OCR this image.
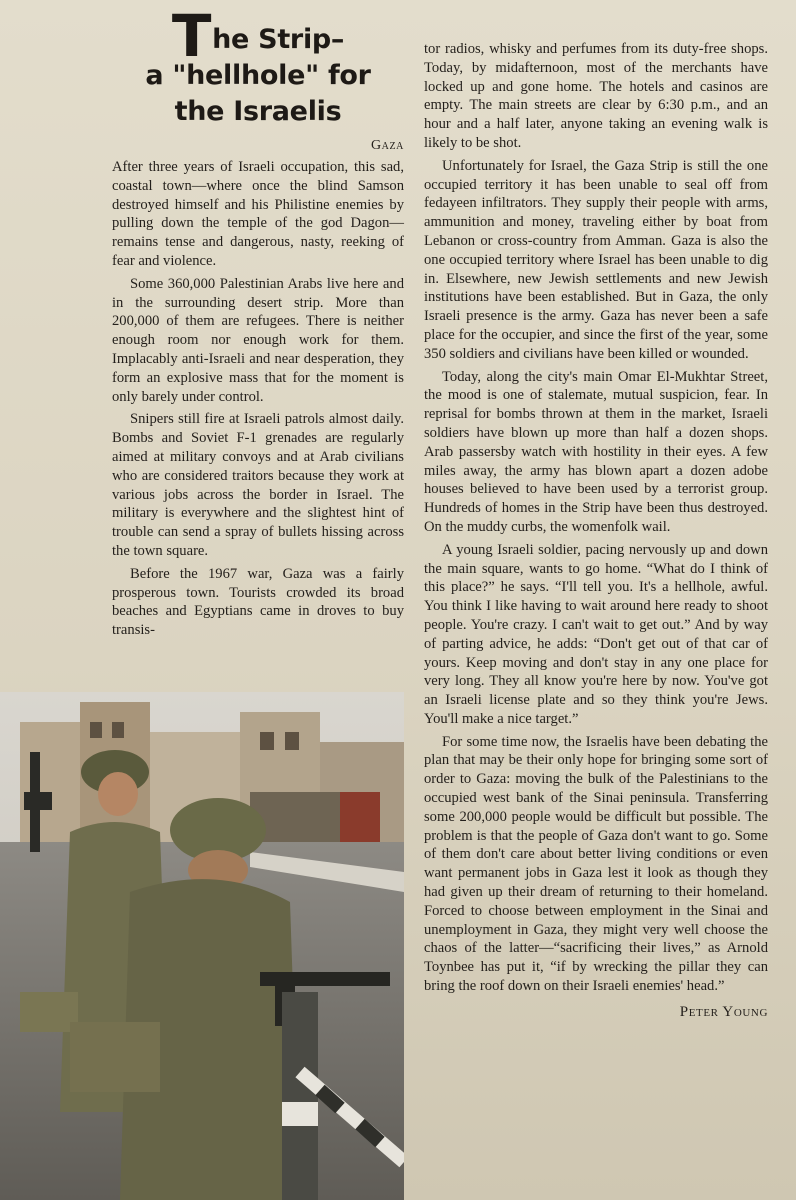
The Strip–
a "hellhole" for
the Israelis
Gaza

After three years of Israeli occupation, this sad, coastal town—where once the blind Samson destroyed himself and his Philistine enemies by pulling down the temple of the god Dagon—remains tense and dangerous, nasty, reeking of fear and violence.

Some 360,000 Palestinian Arabs live here and in the surrounding desert strip. More than 200,000 of them are refugees. There is neither enough room nor enough work for them. Implacably anti-Israeli and near desperation, they form an explosive mass that for the moment is only barely under control.

Snipers still fire at Israeli patrols almost daily. Bombs and Soviet F-1 grenades are regularly aimed at military convoys and at Arab civilians who are considered traitors because they work at various jobs across the border in Israel. The military is everywhere and the slightest hint of trouble can send a spray of bullets hissing across the town square.

Before the 1967 war, Gaza was a fairly prosperous town. Tourists crowded its broad beaches and Egyptians came in droves to buy transis-

tor radios, whisky and perfumes from its duty-free shops. Today, by midafternoon, most of the merchants have locked up and gone home. The hotels and casinos are empty. The main streets are clear by 6:30 p.m., and an hour and a half later, anyone taking an evening walk is likely to be shot.

Unfortunately for Israel, the Gaza Strip is still the one occupied territory it has been unable to seal off from fedayeen infiltrators. They supply their people with arms, ammunition and money, traveling either by boat from Lebanon or cross-country from Amman. Gaza is also the one occupied territory where Israel has been unable to dig in. Elsewhere, new Jewish settlements and new Jewish institutions have been established. But in Gaza, the only Israeli presence is the army. Gaza has never been a safe place for the occupier, and since the first of the year, some 350 soldiers and civilians have been killed or wounded.

Today, along the city's main Omar El-Mukhtar Street, the mood is one of stalemate, mutual suspicion, fear. In reprisal for bombs thrown at them in the market, Israeli soldiers have blown up more than half a dozen shops. Arab passersby watch with hostility in their eyes. A few miles away, the army has blown apart a dozen adobe houses believed to have been used by a terrorist group. Hundreds of homes in the Strip have been thus destroyed. On the muddy curbs, the womenfolk wail.

A young Israeli soldier, pacing nervously up and down the main square, wants to go home. “What do I think of this place?” he says. “I'll tell you. It's a hellhole, awful. You think I like having to wait around here ready to shoot people. You're crazy. I can't wait to get out.” And by way of parting advice, he adds: “Don't get out of that car of yours. Keep moving and don't stay in any one place for very long. They all know you're here by now. You've got an Israeli license plate and so they think you're Jews. You'll make a nice target.”

For some time now, the Israelis have been debating the plan that may be their only hope for bringing some sort of order to Gaza: moving the bulk of the Palestinians to the occupied west bank of the Sinai peninsula. Transferring some 200,000 people would be difficult but possible. The problem is that the people of Gaza don't want to go. Some of them don't care about better living conditions or even want permanent jobs in Gaza lest it look as though they had given up their dream of returning to their homeland. Forced to choose between employment in the Sinai and unemployment in Gaza, they might very well choose the chaos of the latter—“sacrificing their lives,” as Arnold Toynbee has put it, “if by wrecking the pillar they can bring the roof down on their Israeli enemies' head.”

Peter Young
